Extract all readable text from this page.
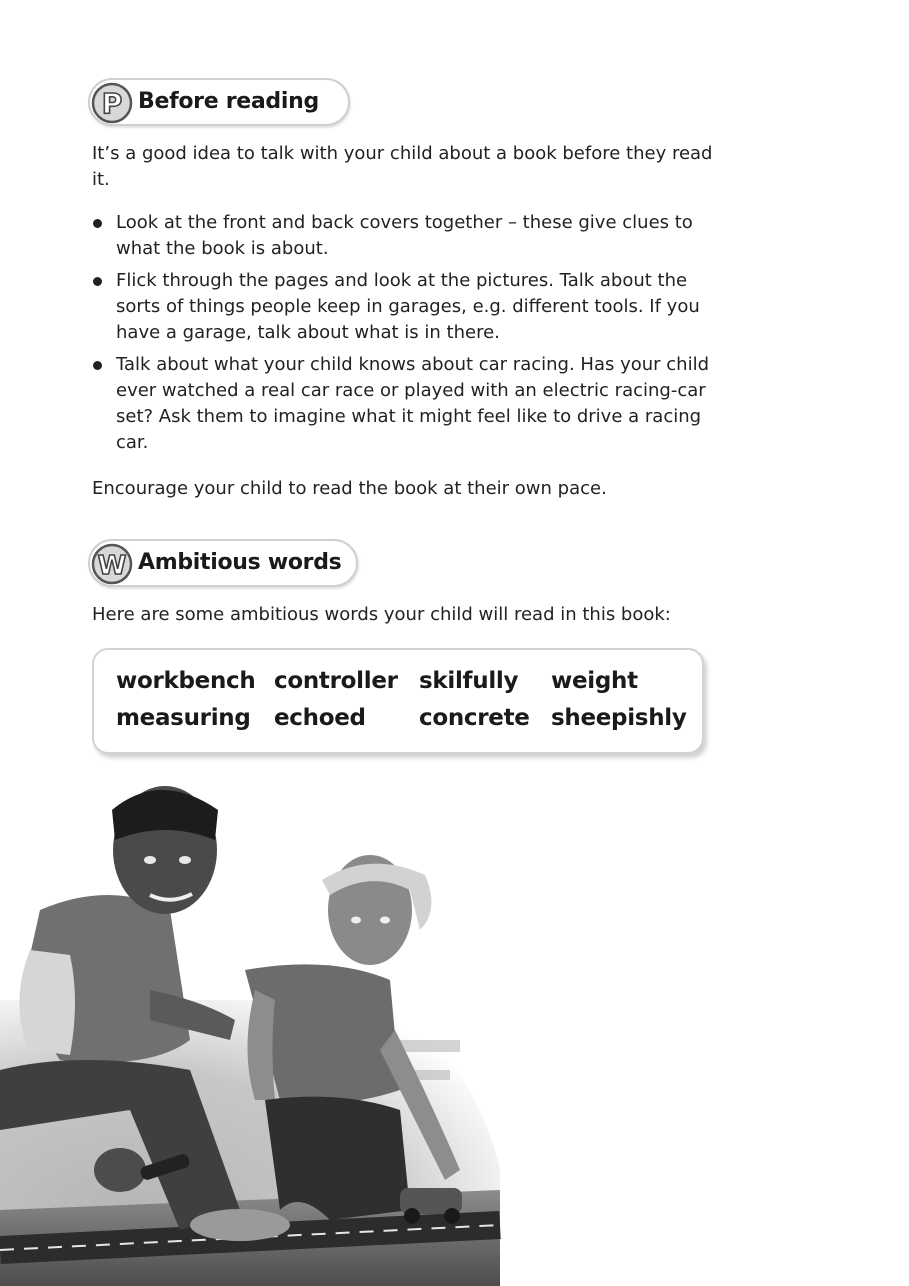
P Before reading
It’s a good idea to talk with your child about a book before they read it.
Look at the front and back covers together – these give clues to what the book is about.
Flick through the pages and look at the pictures. Talk about the sorts of things people keep in garages, e.g. different tools. If you have a garage, talk about what is in there.
Talk about what your child knows about car racing. Has your child ever watched a real car race or played with an electric racing-car set? Ask them to imagine what it might feel like to drive a racing car.
Encourage your child to read the book at their own pace.
W Ambitious words
Here are some ambitious words your child will read in this book:
workbench controller skilfully weight
measuring echoed concrete sheepishly
